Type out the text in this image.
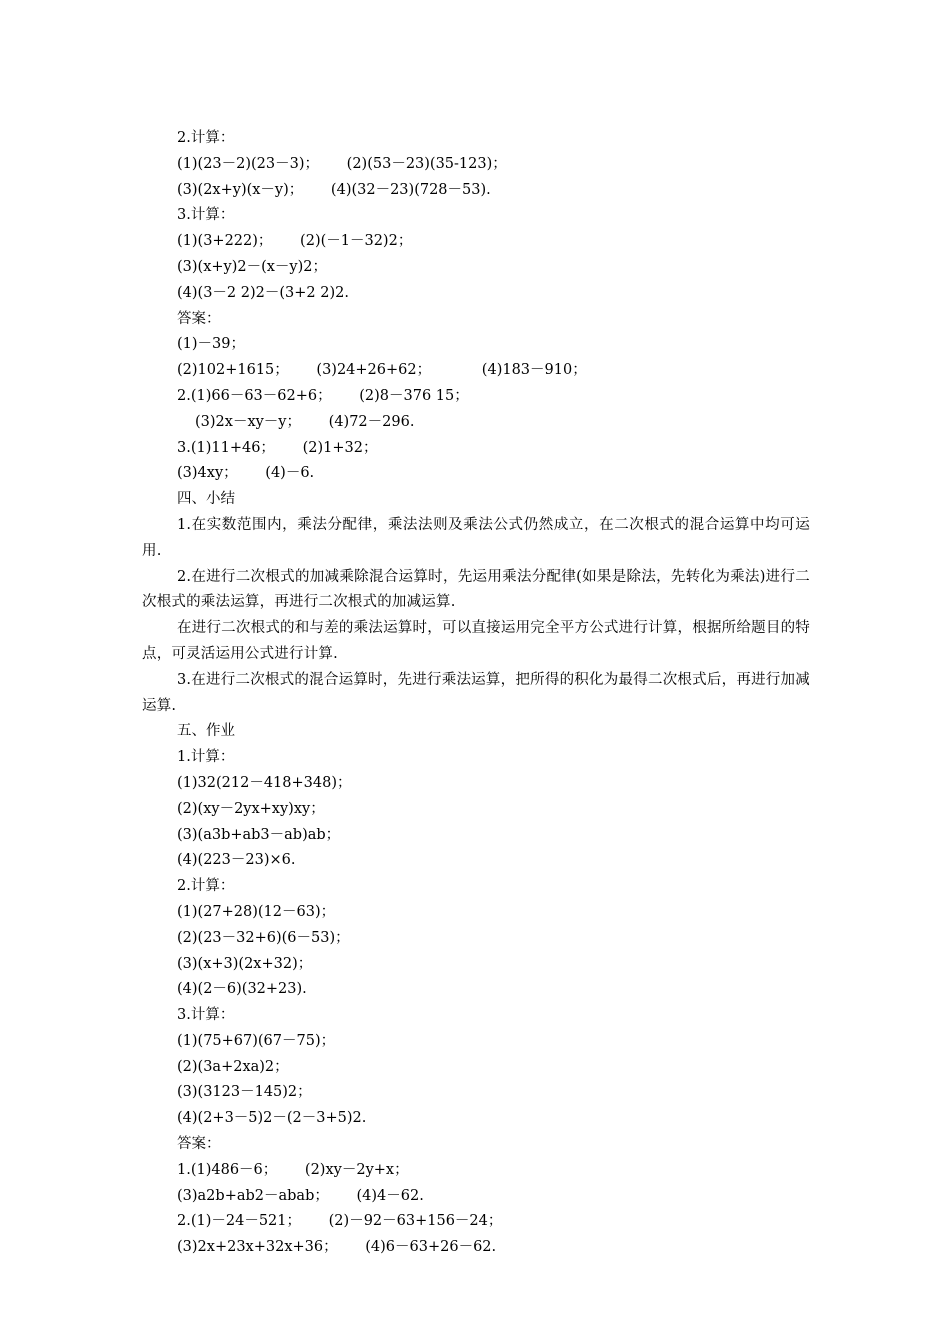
2.计算：
(1)(23－2)(23－3)；      (2)(53－23)(35-123)；
(3)(2x+y)(x－y)；      (4)(32－23)(728－53).
3.计算：
(1)(3+222)；      (2)(－1－32)2；
(3)(x+y)2－(x－y)2；
(4)(3－2 2)2－(3+2 2)2.
答案：
(1)－39；
(2)102+1615；      (3)24+26+62；           (4)183－910；
2.(1)66－63－62+6；      (2)8－376 15；
(3)2x－xy－y；      (4)72－296.
3.(1)11+46；      (2)1+32；
(3)4xy；      (4)－6.
四、小结
1.在实数范围内，乘法分配律，乘法法则及乘法公式仍然成立，在二次根式的混合运算中均可运用.
2.在进行二次根式的加减乘除混合运算时，先运用乘法分配律(如果是除法，先转化为乘法)进行二次根式的乘法运算，再进行二次根式的加减运算.
在进行二次根式的和与差的乘法运算时，可以直接运用完全平方公式进行计算，根据所给题目的特点，可灵活运用公式进行计算.
3.在进行二次根式的混合运算时，先进行乘法运算，把所得的积化为最得二次根式后，再进行加减运算.
五、作业
1.计算：
(1)32(212－418+348)；
(2)(xy－2yx+xy)xy；
(3)(a3b+ab3－ab)ab；
(4)(223－23)×6.
2.计算：
(1)(27+28)(12－63)；
(2)(23－32+6)(6－53)；
(3)(x+3)(2x+32)；
(4)(2－6)(32+23).
3.计算：
(1)(75+67)(67－75)；
(2)(3a+2xa)2；
(3)(3123－145)2；
(4)(2+3－5)2－(2－3+5)2.
答案：
1.(1)486－6；      (2)xy－2y+x；
(3)a2b+ab2－abab；      (4)4－62.
2.(1)－24－521；      (2)－92－63+156－24；
(3)2x+23x+32x+36；      (4)6－63+26－62.
